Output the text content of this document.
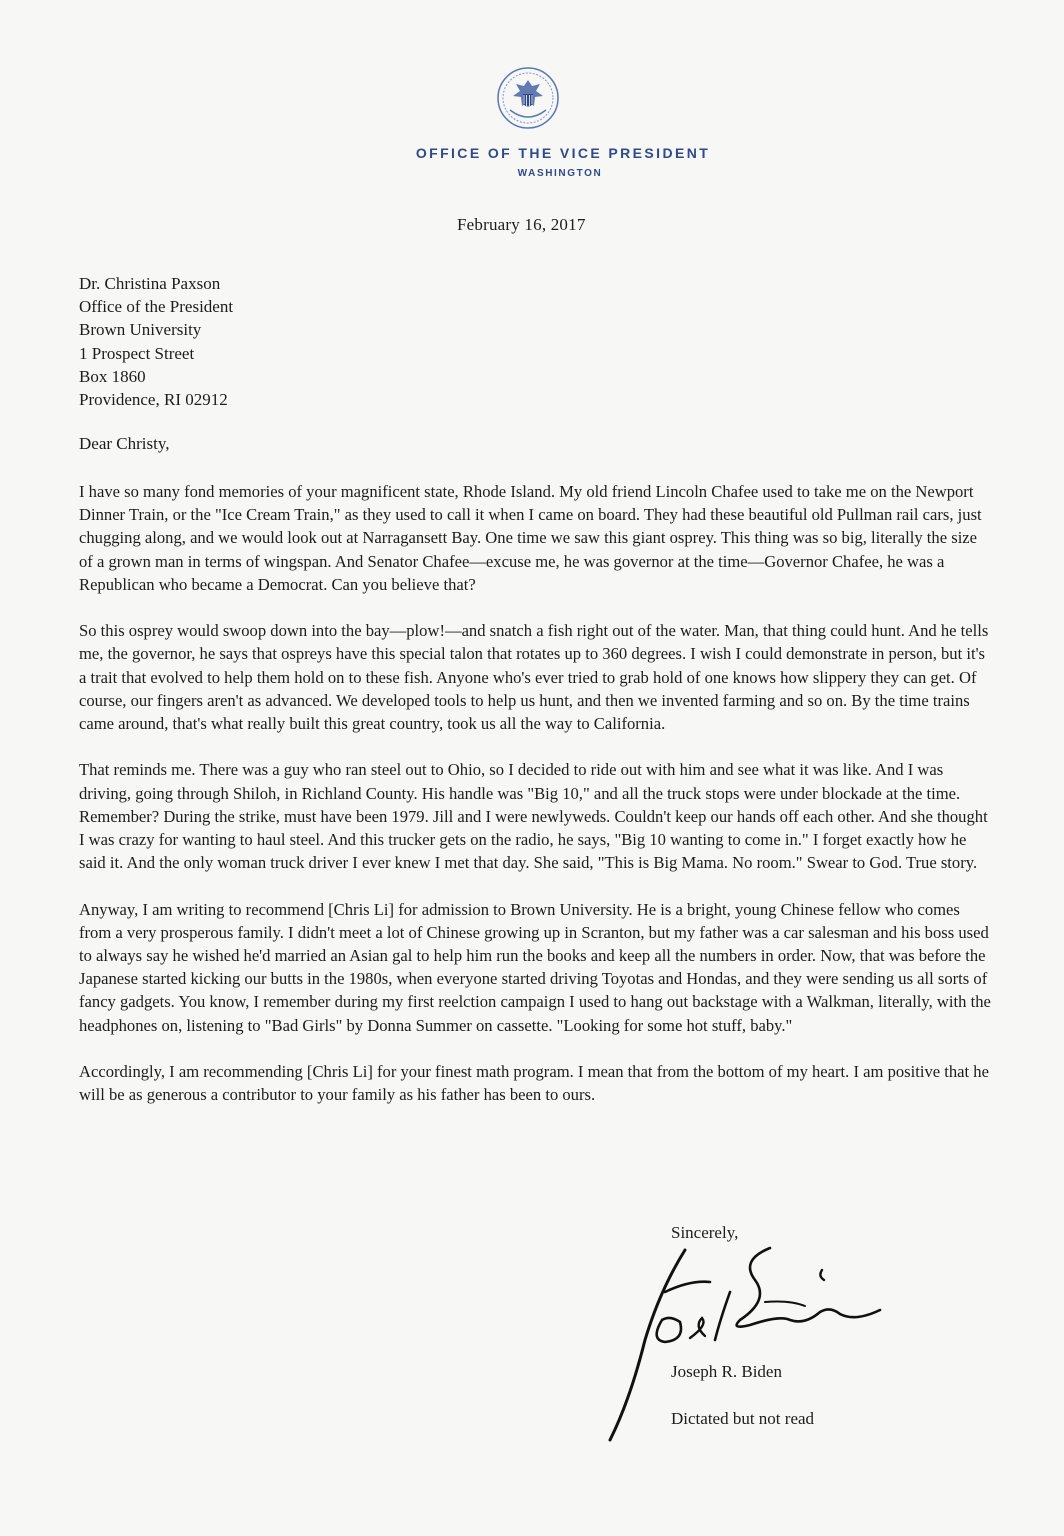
OFFICE OF THE VICE PRESIDENT
WASHINGTON
February 16, 2017
Dr. Christina Paxson
Office of the President
Brown University
1 Prospect Street
Box 1860
Providence, RI 02912
Dear Christy,

I have so many fond memories of your magnificent state, Rhode Island. My old friend Lincoln Chafee used to take me on the Newport Dinner Train, or the "Ice Cream Train," as they used to call it when I came on board. They had these beautiful old Pullman rail cars, just chugging along, and we would look out at Narragansett Bay. One time we saw this giant osprey. This thing was so big, literally the size of a grown man in terms of wingspan. And Senator Chafee—excuse me, he was governor at the time—Governor Chafee, he was a Republican who became a Democrat. Can you believe that?

So this osprey would swoop down into the bay—plow!—and snatch a fish right out of the water. Man, that thing could hunt. And he tells me, the governor, he says that ospreys have this special talon that rotates up to 360 degrees. I wish I could demonstrate in person, but it's a trait that evolved to help them hold on to these fish. Anyone who's ever tried to grab hold of one knows how slippery they can get. Of course, our fingers aren't as advanced. We developed tools to help us hunt, and then we invented farming and so on. By the time trains came around, that's what really built this great country, took us all the way to California.

That reminds me. There was a guy who ran steel out to Ohio, so I decided to ride out with him and see what it was like. And I was driving, going through Shiloh, in Richland County. His handle was "Big 10," and all the truck stops were under blockade at the time. Remember? During the strike, must have been 1979. Jill and I were newlyweds. Couldn't keep our hands off each other. And she thought I was crazy for wanting to haul steel. And this trucker gets on the radio, he says, "Big 10 wanting to come in." I forget exactly how he said it. And the only woman truck driver I ever knew I met that day. She said, "This is Big Mama. No room." Swear to God. True story.

Anyway, I am writing to recommend [Chris Li] for admission to Brown University. He is a bright, young Chinese fellow who comes from a very prosperous family. I didn't meet a lot of Chinese growing up in Scranton, but my father was a car salesman and his boss used to always say he wished he'd married an Asian gal to help him run the books and keep all the numbers in order. Now, that was before the Japanese started kicking our butts in the 1980s, when everyone started driving Toyotas and Hondas, and they were sending us all sorts of fancy gadgets. You know, I remember during my first reelction campaign I used to hang out backstage with a Walkman, literally, with the headphones on, listening to "Bad Girls" by Donna Summer on cassette. "Looking for some hot stuff, baby."

Accordingly, I am recommending [Chris Li] for your finest math program. I mean that from the bottom of my heart. I am positive that he will be as generous a contributor to your family as his father has been to ours.

Sincerely,
Joseph R. Biden
Dictated but not read
